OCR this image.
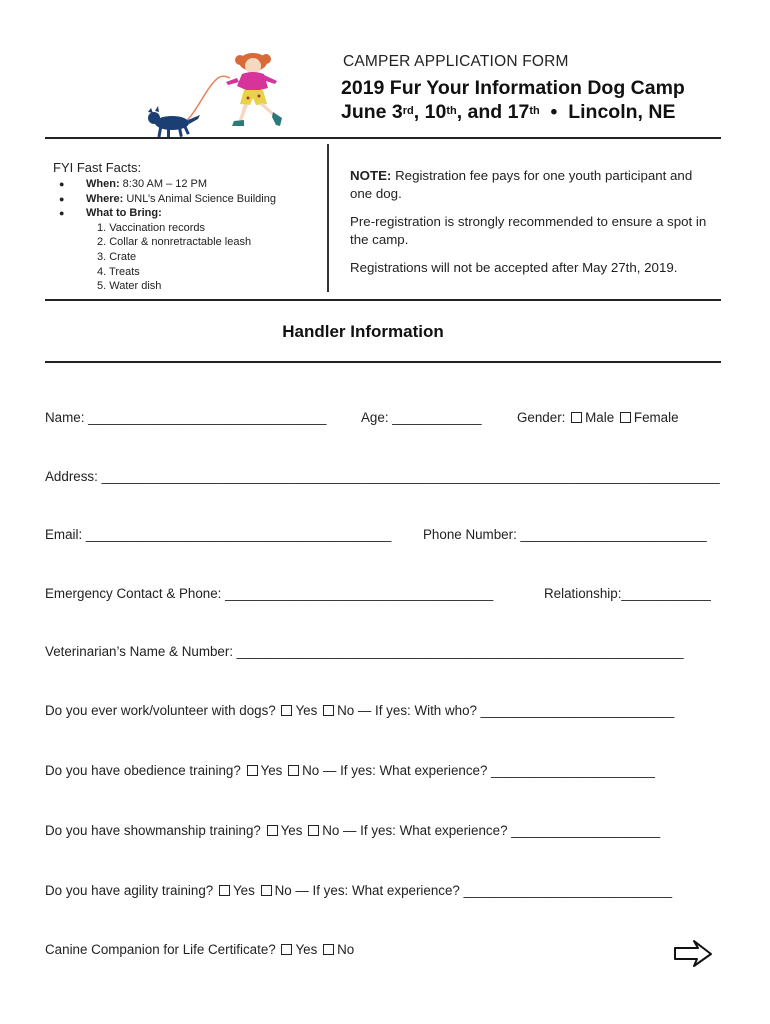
CAMPER APPLICATION FORM
2019 Fur Your Information Dog Camp
June 3rd, 10th, and 17th  •  Lincoln, NE
FYI Fast Facts:
●	When: 8:30 AM – 12 PM
●	Where: UNL’s Animal Science Building
●	What to Bring:
1. Vaccination records
2. Collar & nonretractable leash
3. Crate
4. Treats
5. Water dish

NOTE: Registration fee pays for one youth participant and one dog.

Pre-registration is strongly recommended to ensure a spot in the camp.

Registrations will not be accepted after May 27th, 2019.

Handler Information
Name: ________________________________	Age: ____________	Gender: Male Female
Address: ___________________________________________________________________________________
Email: _________________________________________ Phone Number: _________________________
Emergency Contact & Phone: ____________________________________	Relationship:____________
Veterinarian’s Name & Number: ____________________________________________________________
Do you ever work/volunteer with dogs? Yes No — If yes: With who? __________________________
Do you have obedience training? Yes No — If yes: What experience? ______________________
Do you have showmanship training? Yes No — If yes: What experience? ____________________
Do you have agility training? Yes No — If yes: What experience? ____________________________
Canine Companion for Life Certificate? Yes No
